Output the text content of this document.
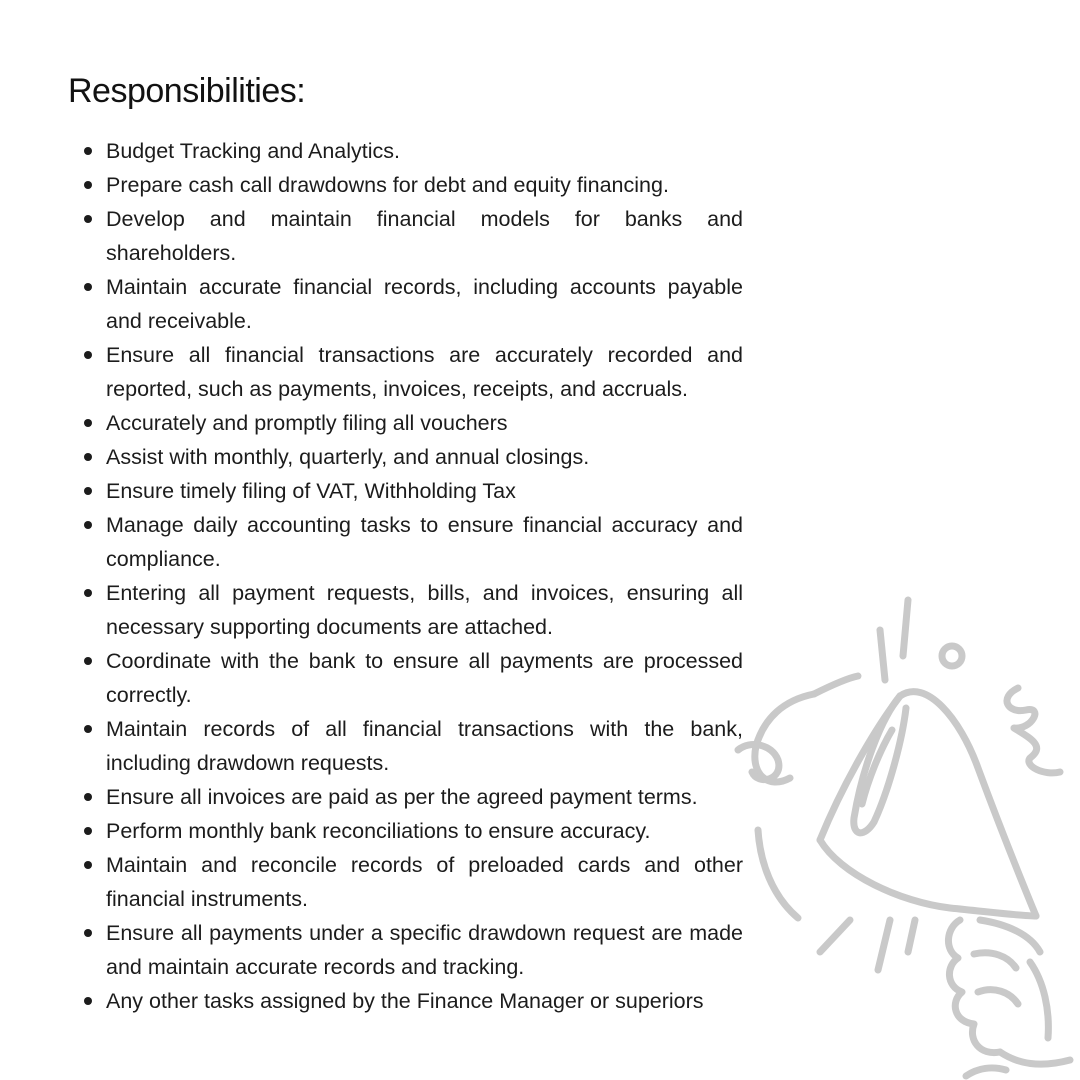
Responsibilities:
Budget Tracking and Analytics.
Prepare cash call drawdowns for debt and equity financing.
Develop and maintain financial models for banks and shareholders.
Maintain accurate financial records, including accounts payable and receivable.
Ensure all financial transactions are accurately recorded and reported, such as payments, invoices, receipts, and accruals.
Accurately and promptly filing all vouchers
Assist with monthly, quarterly, and annual closings.
Ensure timely filing of VAT, Withholding Tax
Manage daily accounting tasks to ensure financial accuracy and compliance.
Entering all payment requests, bills, and invoices, ensuring all necessary supporting documents are attached.
Coordinate with the bank to ensure all payments are processed correctly.
Maintain records of all financial transactions with the bank, including drawdown requests.
Ensure all invoices are paid as per the agreed payment terms.
Perform monthly bank reconciliations to ensure accuracy.
Maintain and reconcile records of preloaded cards and other financial instruments.
Ensure all payments under a specific drawdown request are made and maintain accurate records and tracking.
Any other tasks assigned by the Finance Manager or superiors
